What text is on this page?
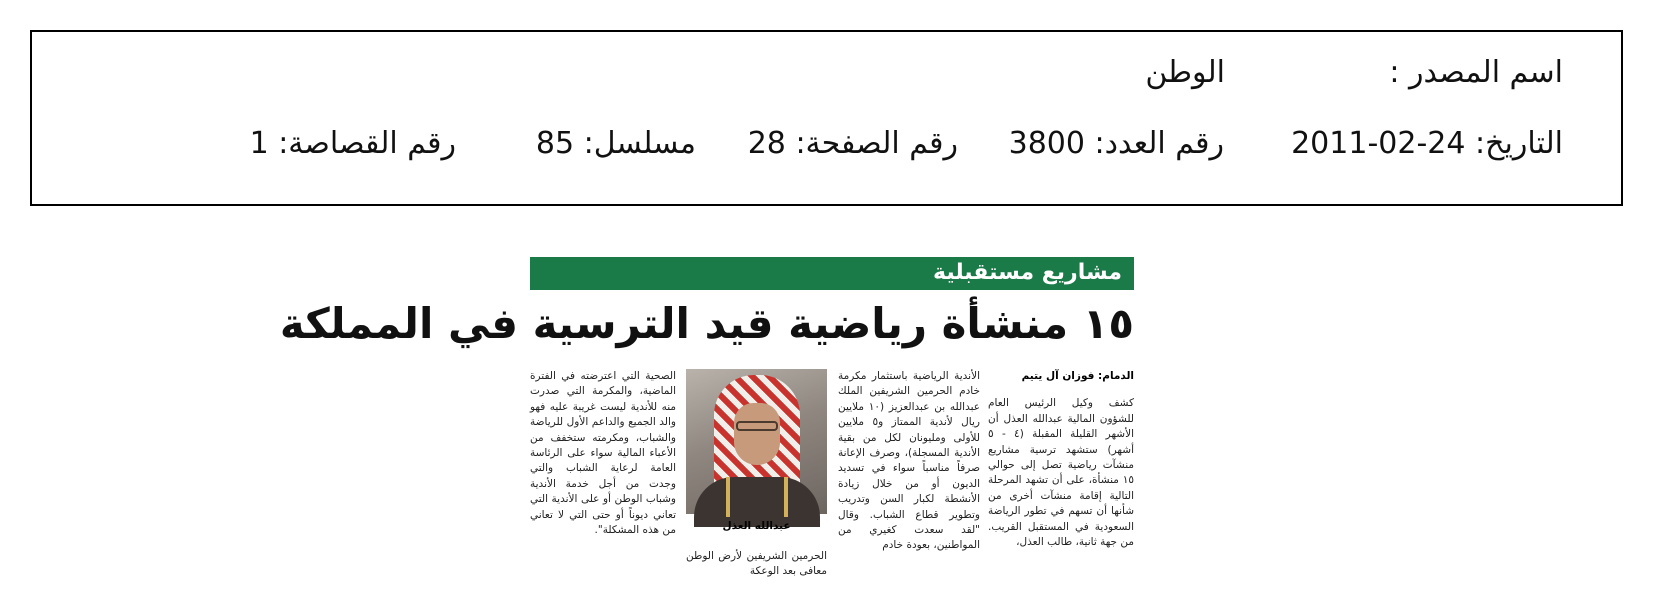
اسم المصدر :
الوطن
التاريخ: 24-02-2011
رقم العدد: 3800
رقم الصفحة: 28
مسلسل: 85
رقم القصاصة: 1
مشاريع مستقبلية
١٥ منشأة رياضية قيد الترسية في المملكة
الدمام: فوزان آل يتيم
كشف وكيل الرئيس العام للشؤون المالية عبدالله العذل أن الأشهر القليلة المقبلة (٤ - ٥ أشهر) ستشهد ترسية مشاريع منشآت رياضية تصل إلى حوالي ١٥ منشأة، على أن تشهد المرحلة التالية إقامة منشآت أخرى من شأنها أن تسهم في تطور الرياضة السعودية في المستقبل القريب. من جهة ثانية، طالب العذل،
الأندية الرياضية باستثمار مكرمة خادم الحرمين الشريفين الملك عبدالله بن عبدالعزيز (١٠ ملايين ريال لأندية الممتاز و٥ ملايين للأولى ومليونان لكل من بقية الأندية المسجلة)، وصرف الإعانة صرفاً مناسباً سواء في تسديد الديون أو من خلال زيادة الأنشطة لكبار السن وتدريب وتطوير قطاع الشباب. وقال "لقد سعدت كغيري من المواطنين، بعودة خادم
عبدالله العذل
الحرمين الشريفين لأرض الوطن معافى بعد الوعكة
الصحية التي اعترضته في الفترة الماضية، والمكرمة التي صدرت منه للأندية ليست غريبة عليه فهو والد الجميع والداعم الأول للرياضة والشباب، ومكرمته ستخفف من الأعباء المالية سواء على الرئاسة العامة لرعاية الشباب والتي وجدت من أجل خدمة الأندية وشباب الوطن أو على الأندية التي تعاني ديوناً أو حتى التي لا تعاني من هذه المشكلة".
